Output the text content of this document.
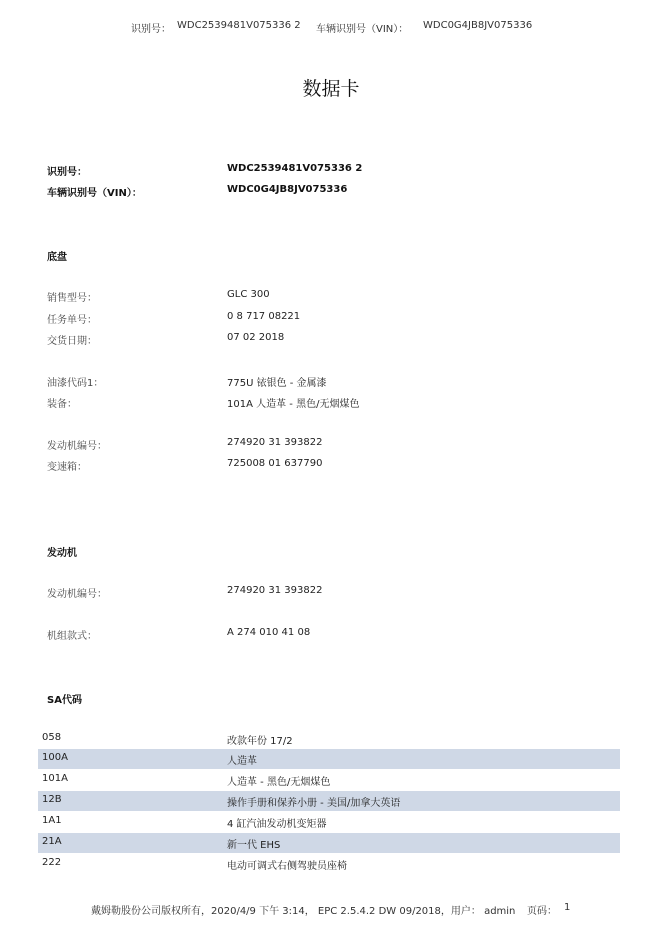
识别号： WDC2539481V075336 2 车辆识别号（VIN）： WDC0G4JB8JV075336
数据卡
识别号：	WDC2539481V075336 2
车辆识别号（VIN）：	WDC0G4JB8JV075336
底盘
销售型号：	GLC 300
任务单号：	0 8 717 08221
交货日期：	07 02 2018
油漆代码1：	775U 铱银色 - 金属漆
装备：	101A 人造革 - 黑色/无烟煤色
发动机编号：	274920 31 393822
变速箱：	725008 01 637790
发动机
发动机编号：	274920 31 393822
机组款式：	A 274 010 41 08
SA代码
058	改款年份 17/2
100A	人造革
101A	人造革 - 黑色/无烟煤色
12B	操作手册和保养小册 - 美国/加拿大英语
1A1	4 缸汽油发动机变矩器
21A	新一代 EHS
222	电动可调式右侧驾驶员座椅
戴姆勒股份公司版权所有，2020/4/9 下午 3:14， EPC 2.5.4.2 DW 09/2018，用户： admin 页码： 1
